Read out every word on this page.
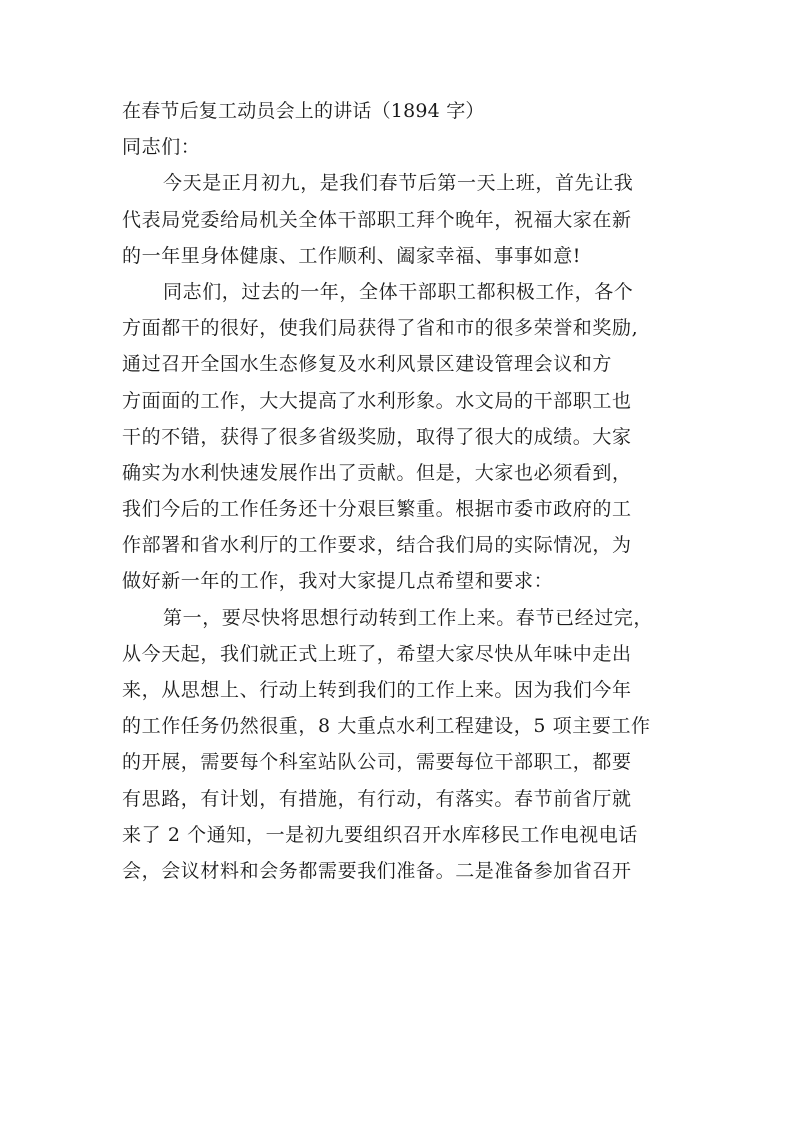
在春节后复工动员会上的讲话（1894 字）
同志们：
今天是正月初九，是我们春节后第一天上班，首先让我
代表局党委给局机关全体干部职工拜个晚年，祝福大家在新
的一年里身体健康、工作顺利、阖家幸福、事事如意!
同志们，过去的一年，全体干部职工都积极工作，各个
方面都干的很好，使我们局获得了省和市的很多荣誉和奖励,
通过召开全国水生态修复及水利风景区建设管理会议和方
方面面的工作，大大提高了水利形象。水文局的干部职工也
干的不错，获得了很多省级奖励，取得了很大的成绩。大家
确实为水利快速发展作出了贡献。但是，大家也必须看到，
我们今后的工作任务还十分艰巨繁重。根据市委市政府的工
作部署和省水利厅的工作要求，结合我们局的实际情况，为
做好新一年的工作，我对大家提几点希望和要求：
第一，要尽快将思想行动转到工作上来。春节已经过完，
从今天起，我们就正式上班了，希望大家尽快从年味中走出
来，从思想上、行动上转到我们的工作上来。因为我们今年
的工作任务仍然很重，8 大重点水利工程建设，5 项主要工作
的开展，需要每个科室站队公司，需要每位干部职工，都要
有思路，有计划，有措施，有行动，有落实。春节前省厅就
来了 2 个通知，一是初九要组织召开水库移民工作电视电话
会，会议材料和会务都需要我们准备。二是准备参加省召开
